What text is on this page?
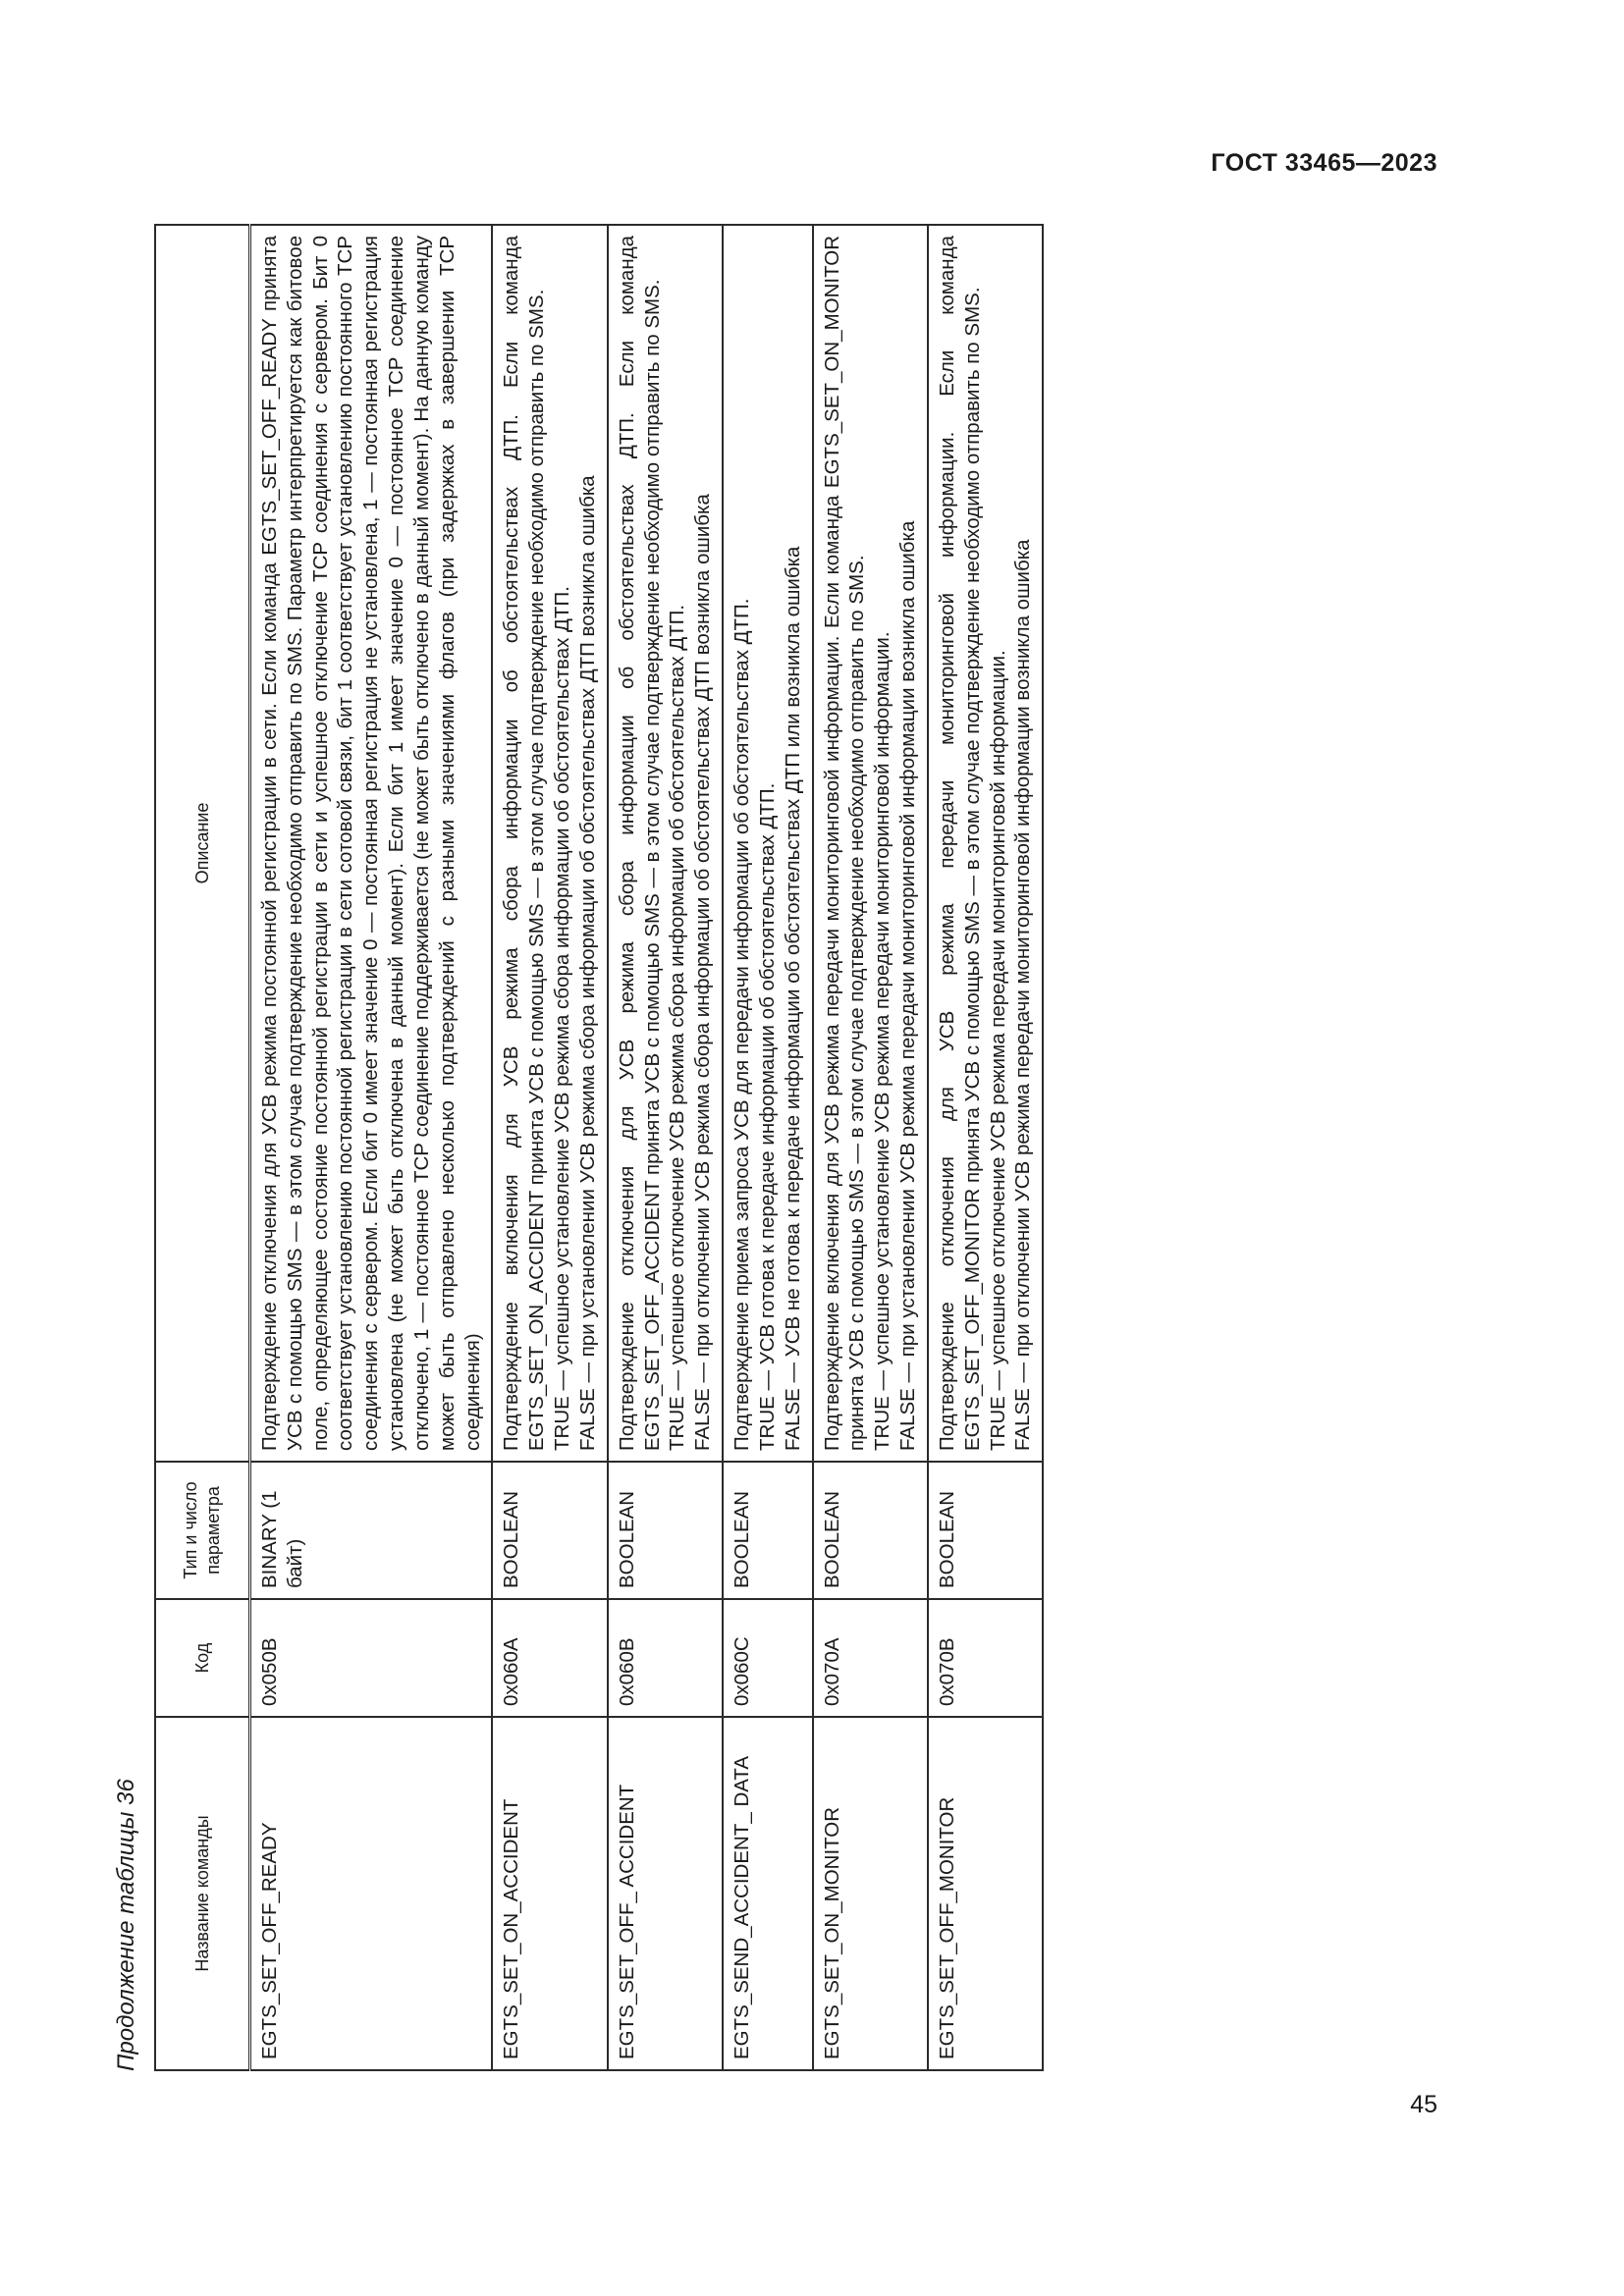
ГОСТ 33465—2023
Продолжение таблицы 36	Название команды	Код	Тип и число параметра	Описание
EGTS_SET_OFF_READY	0x050B	BINARY (1 байт)	Подтверждение отключения для УСВ режима постоянной регистрации в сети. Если команда EGTS_SET_OFF_READY принята УСВ с помощью SMS — в этом случае подтверждение необходимо отправить по SMS. Параметр интерпретируется как битовое поле, определяющее состояние постоянной регистрации в сети и успешное отключение TCP соединения с сервером. Бит 0 соответствует установлению постоянной регистрации в сети сотовой связи, бит 1 соответствует установлению постоянного TCP соединения с сервером. Если бит 0 имеет значение 0 — постоянная регистрация не установлена, 1 — постоянная регистрация установлена (не может быть отключена в данный момент). Если бит 1 имеет значение 0 — постоянное TCP соединение отключено, 1 — постоянное TCP соединение поддерживается (не может быть отключено в данный момент). На данную команду может быть отправлено несколько подтверждений с разными значениями флагов (при задержках в завершении TCP соединения)

EGTS_SET_ON_ACCIDENT	0x060A	BOOLEAN	Подтверждение включения для УСВ режима сбора информации об обстоятельствах ДТП. Если команда EGTS_SET_ON_ACCIDENT принята УСВ с помощью SMS — в этом случае подтверждение необходимо отправить по SMS. TRUE — успешное установление УСВ режима сбора информации об обстоятельствах ДТП. FALSE — при установлении УСВ режима сбора информации об обстоятельствах ДТП возникла ошибка

EGTS_SET_OFF_ ACCIDENT	0x060B	BOOLEAN	Подтверждение отключения для УСВ режима сбора информации об обстоятельствах ДТП. Если команда EGTS_SET_OFF_ACCIDENT принята УСВ с помощью SMS — в этом случае подтверждение необходимо отправить по SMS. TRUE — успешное отключение УСВ режима сбора информации об обстоятельствах ДТП. FALSE — при отключении УСВ режима сбора информации об обстоятельствах ДТП возникла ошибка

EGTS_SEND_ACCIDENT_ DATA	0x060C	BOOLEAN	Подтверждение приема запроса УСВ для передачи информации об обстоятельствах ДТП. TRUE — УСВ готова к передаче информации об обстоятельствах ДТП. FALSE — УСВ не готова к передаче информации об обстоятельствах ДТП или возникла ошибка

EGTS_SET_ON_MONITOR	0x070A	BOOLEAN	Подтверждение включения для УСВ режима передачи мониторинговой информации. Если команда EGTS_SET_ON_MONITOR принята УСВ с помощью SMS — в этом случае подтверждение необходимо отправить по SMS. TRUE — успешное установление УСВ режима передачи мониторинговой информации. FALSE — при установлении УСВ режима передачи мониторинговой информации возникла ошибка

EGTS_SET_OFF_MONITOR	0x070B	BOOLEAN	Подтверждение отключения для УСВ режима передачи мониторинговой информации. Если команда EGTS_SET_OFF_MONITOR принята УСВ с помощью SMS — в этом случае подтверждение необходимо отправить по SMS. TRUE — успешное отключение УСВ режима передачи мониторинговой информации. FALSE — при отключении УСВ режима передачи мониторинговой информации возникла ошибка
45
